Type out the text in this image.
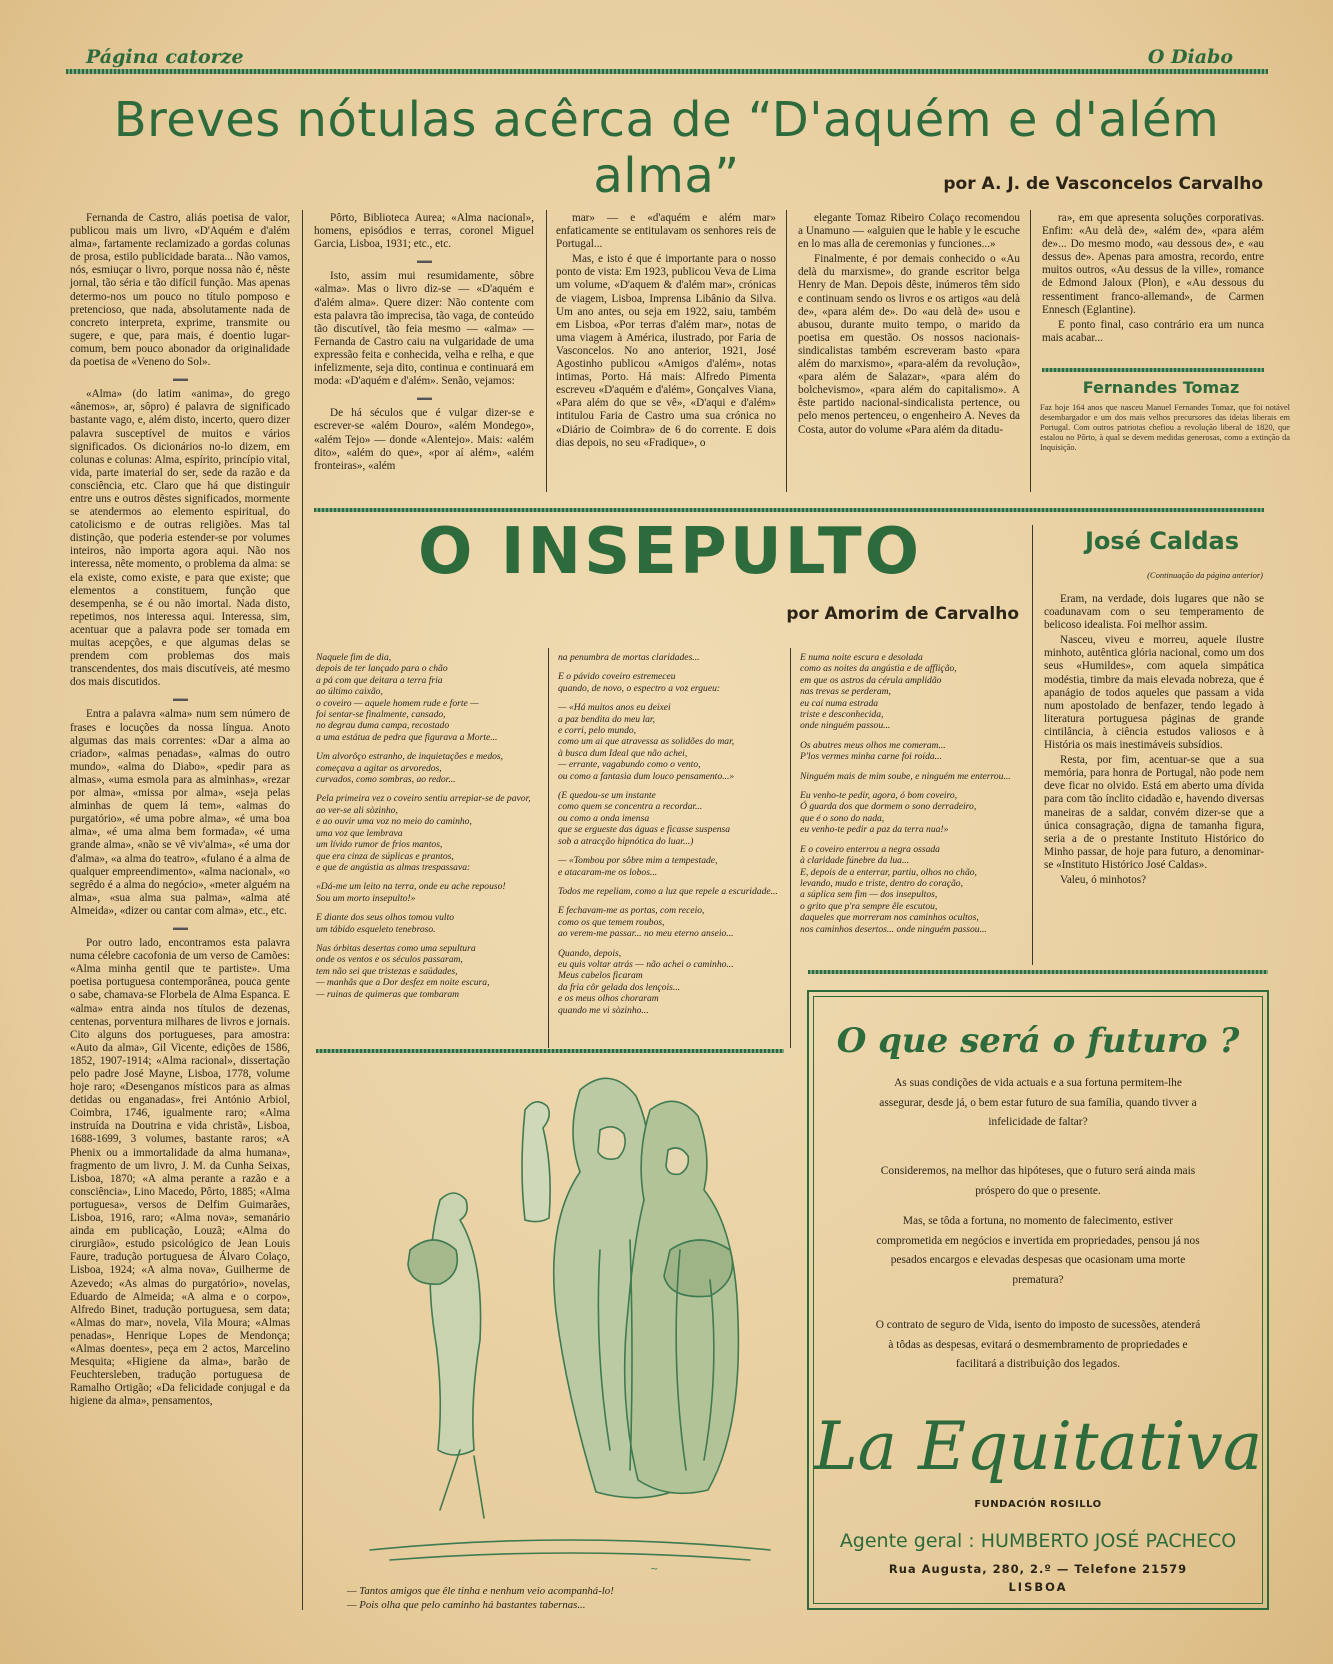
Página catorze	O Diabo
Breves nótulas acêrca de “D'aquém e d'além alma”	por A. J. de Vasconcelos Carvalho

Fernanda de Castro, aliás poetisa de valor, publicou mais um livro, «D'Aquém e d'além alma», fartamente reclamizado a gordas colunas de prosa, estilo publicidade barata... Não vamos, nós, esmiuçar o livro, porque nossa não é, nêste jornal, tão séria e tão difícil função. Mas apenas determo-nos um pouco no título pomposo e pretencioso, que nada, absolutamente nada de concreto interpreta, exprime, transmite ou sugere, e que, para mais, é doentio lugar-comum, bem pouco abonador da originalidade da poetisa de «Veneno do Sol».

▬▬

«Alma» (do latim «anima», do grego «ânemos», ar, sôpro) é palavra de significado bastante vago, e, além disto, incerto, quero dizer palavra susceptível de muitos e vários significados. Os dicionários no-lo dizem, em colunas e colunas: Alma, espírito, princípio vital, vida, parte imaterial do ser, sede da razão e da consciência, etc. Claro que há que distinguir entre uns e outros dêstes significados, mormente se atendermos ao elemento espiritual, do catolicismo e de outras religiões. Mas tal distinção, que poderia estender-se por volumes inteiros, não importa agora aqui. Não nos interessa, nête momento, o problema da alma: se ela existe, como existe, e para que existe; que elementos a constituem, função que desempenha, se é ou não imortal. Nada disto, repetimos, nos interessa aqui. Interessa, sim, acentuar que a palavra pode ser tomada em muitas acepções, e que algumas delas se prendem com problemas dos mais transcendentes, dos mais discutíveis, até mesmo dos mais discutidos.

▬▬

Entra a palavra «alma» num sem número de frases e locuções da nossa língua. Anoto algumas das mais correntes: «Dar a alma ao criador», «almas penadas», «almas do outro mundo», «alma do Diabo», «pedir para as almas», «uma esmola para as alminhas», «rezar por alma», «missa por alma», «seja pelas alminhas de quem lá tem», «almas do purgatório», «é uma pobre alma», «é uma boa alma», «é uma alma bem formada», «é uma grande alma», «não se vê viv'alma», «é uma dor d'alma», «a alma do teatro», «fulano é a alma de qualquer empreendimento», «alma nacional», «o segrêdo é a alma do negócio», «meter alguém na alma», «sua alma sua palma», «alma até Almeida», «dizer ou cantar com alma», etc., etc.

▬▬

Por outro lado, encontramos esta palavra numa célebre cacofonia de um verso de Camões: «Alma minha gentil que te partiste». Uma poetisa portuguesa contemporânea, pouca gente o sabe, chamava-se Florbela de Alma Espanca. E «alma» entra ainda nos títulos de dezenas, centenas, porventura milhares de livros e jornais. Cito alguns dos portugueses, para amostra: «Auto da alma», Gil Vicente, edições de 1586, 1852, 1907-1914; «Alma racional», dissertação pelo padre José Mayne, Lisboa, 1778, volume hoje raro; «Desenganos místicos para as almas detidas ou enganadas», frei António Arbiol, Coimbra, 1746, igualmente raro; «Alma instruída na Doutrina e vida christã», Lisboa, 1688-1699, 3 volumes, bastante raros; «A Phenix ou a immortalidade da alma humana», fragmento de um livro, J. M. da Cunha Seixas, Lisboa, 1870; «A alma perante a razão e a consciência», Lino Macedo, Pôrto, 1885; «Alma portuguesa», versos de Delfim Guimarães, Lisboa, 1916, raro; «Alma nova», semanário ainda em publicação, Louzã; «Alma do cirurgião», estudo psicológico de Jean Louis Faure, tradução portuguesa de Álvaro Colaço, Lisboa, 1924; «A alma nova», Guilherme de Azevedo; «As almas do purgatório», novelas, Eduardo de Almeida; «A alma e o corpo», Alfredo Binet, tradução portuguesa, sem data; «Almas do mar», novela, Vila Moura; «Almas penadas», Henrique Lopes de Mendonça; «Almas doentes», peça em 2 actos, Marcelino Mesquita; «Higiene da alma», barão de Feuchtersleben, tradução portuguesa de Ramalho Ortigão; «Da felicidade conjugal e da higiene da alma», pensamentos,

Pôrto, Biblioteca Aurea; «Alma nacional», homens, episódios e terras, coronel Miguel Garcia, Lisboa, 1931; etc., etc.

▬▬

Isto, assim mui resumidamente, sôbre «alma». Mas o livro diz-se — «D'aquém e d'além alma». Quere dizer: Não contente com esta palavra tão imprecisa, tão vaga, de conteúdo tão discutível, tão feia mesmo — «alma» — Fernanda de Castro caiu na vulgaridade de uma expressão feita e conhecida, velha e relha, e que infelizmente, seja dito, continua e continuará em moda: «D'aquém e d'além». Senão, vejamos:

▬▬

De há séculos que é vulgar dizer-se e escrever-se «além Douro», «além Mondego», «além Tejo» — donde «Alentejo». Mais: «além dito», «além do que», «por aí além», «além fronteiras», «além

mar» — e «d'aquém e além mar» enfaticamente se entitulavam os senhores reis de Portugal...

Mas, e isto é que é importante para o nosso ponto de vista: Em 1923, publicou Veva de Lima um volume, «D'aquem & d'além mar», crónicas de viagem, Lisboa, Imprensa Libânio da Silva. Um ano antes, ou seja em 1922, saiu, também em Lisboa, «Por terras d'além mar», notas de uma viagem à América, ilustrado, por Faria de Vasconcelos. No ano anterior, 1921, José Agostinho publicou «Amigos d'além», notas intimas, Porto. Há mais: Alfredo Pimenta escreveu «D'aquém e d'além», Gonçalves Viana, «Para além do que se vê», «D'aqui e d'além» intitulou Faria de Castro uma sua crónica no «Diário de Coimbra» de 6 do corrente. E dois dias depois, no seu «Fradique», o

elegante Tomaz Ribeiro Colaço recomendou a Unamuno — «alguien que le hable y le escuche en lo mas alla de ceremonias y funciones...»

Finalmente, é por demais conhecido o «Au delà du marxisme», do grande escritor belga Henry de Man. Depois dêste, inúmeros têm sido e continuam sendo os livros e os artigos «au delà de», «para além de». Do «au delà de» usou e abusou, durante muito tempo, o marido da poetisa em questão. Os nossos nacionais-sindicalistas também escreveram basto «para além do marxismo», «para-além da revolução», «para além de Salazar», «para além do bolchevismo», «para além do capitalismo». A êste partido nacional-sindicalista pertence, ou pelo menos pertenceu, o engenheiro A. Neves da Costa, autor do volume «Para além da ditadu-

ra», em que apresenta soluções corporativas. Enfim: «Au delà de», «além de», «para além de»... Do mesmo modo, «au dessous de», e «au dessus de». Apenas para amostra, recordo, entre muitos outros, «Au dessus de la ville», romance de Edmond Jaloux (Plon), e «Au dessous du ressentiment franco-allemand», de Carmen Ennesch (Eglantine).

E ponto final, caso contrário era um nunca mais acabar...

Fernandes Tomaz
Faz hoje 164 anos que nasceu Manuel Fernandes Tomaz, que foi notável desembargador e um dos mais velhos precursores das ideias liberais em Portugal. Com outros patriotas chefiou a revolução liberal de 1820, que estalou no Pôrto, à qual se devem medidas generosas, como a extinção da Inquisição.
O INSEPULTO
por Amorim de Carvalho

Naquele fim de dia,
depois de ter lançado para o chão
a pá com que deitara a terra fria
ao último caixão,
o coveiro — aquele homem rude e forte —
foi sentar-se finalmente, cansado,
no degrau duma campa, recostado
a uma estátua de pedra que figurava a Morte...

Um alvorôço estranho, de inquietações e medos,
começava a agitar os arvoredos,
curvados, como sombras, ao redor...

Pela primeira vez o coveiro sentiu arrepiar-se de pavor,
ao ver-se ali sòzinho,
e ao ouvir uma voz no meio do caminho,
uma voz que lembrava
um lívido rumor de frios mantos,
que era cinza de súplicas e prantos,
e que de angústia as almas trespassava:

«Dá-me um leito na terra, onde eu ache repouso!
Sou um morto insepulto!»

E diante dos seus olhos tomou vulto
um tábido esqueleto tenebroso.

Nas órbitas desertas como uma sepultura
onde os ventos e os séculos passaram,
tem não sei que tristezas e saüdades,
— manhãs que a Dor desfez em noite escura,
— ruinas de quimeras que tombaram

na penumbra de mortas claridades...

E o pávido coveiro estremeceu
quando, de novo, o espectro a voz ergueu:

— «Há muitos anos eu deixei
a paz bendita do meu lar,
e corri, pelo mundo,
como um ai que atravessa as solidões do mar,
à busca dum Ideal que não achei,
— errante, vagabundo como o vento,
ou como a fantasia dum louco pensamento...»

(E quedou-se um instante
como quem se concentra a recordar...
ou como a onda imensa
que se ergueste das águas e ficasse suspensa
sob a atracção hipnótica do luar...)

— «Tombou por sôbre mim a tempestade,
e atacaram-me os lobos...

Todos me repeliam, como a luz que repele a escuridade...

E fechavam-me as portas, com receio,
como os que temem roubos,
ao verem-me passar... no meu eterno anseio...

Quando, depois,
eu quis voltar atrás — não achei o caminho...
Meus cabelos ficaram
da fria côr gelada dos lençois...
e os meus olhos choraram
quando me vi sòzinho...

E numa noite escura e desolada
como as noites da angústia e de afflição,
em que os astros da cérula amplidão
nas trevas se perderam,
eu caí numa estrada
triste e desconhecida,
onde ninguém passou...

Os abutres meus olhos me comeram...
P'los vermes minha carne foi roída...

Ninguém mais de mim soube, e ninguém me enterrou...

Eu venho-te pedir, agora, ó bom coveiro,
Ó guarda dos que dormem o sono derradeiro,
que é o sono do nada,
eu venho-te pedir a paz da terra nua!»

E o coveiro enterrou a negra ossada
à claridade fúnebre da lua...
E, depois de a enterrar, partiu, olhos no chão,
levando, mudo e triste, dentro do coração,
a súplica sem fim — dos insepultos,
o grito que p'ra sempre êle escutou,
daqueles que morreram nos caminhos ocultos,
nos caminhos desertos... onde ninguém passou...

~
— Tantos amigos que êle tinha e nenhum veio acompanhá-lo!
— Pois olha que pelo caminho há bastantes tabernas...
José Caldas
(Continuação da página anterior)

Eram, na verdade, dois lugares que não se coadunavam com o seu temperamento de belicoso idealista. Foi melhor assim.

Nasceu, viveu e morreu, aquele ilustre minhoto, autêntica glória nacional, como um dos seus «Humildes», com aquela simpática modéstia, timbre da mais elevada nobreza, que é apanágio de todos aqueles que passam a vida num apostolado de benfazer, tendo legado à literatura portuguesa páginas de grande cintilância, à ciência estudos valiosos e à História os mais inestimáveis subsídios.

Resta, por fim, acentuar-se que a sua memória, para honra de Portugal, não pode nem deve ficar no olvido. Está em aberto uma dívida para com tão ínclito cidadão e, havendo diversas maneiras de a saldar, convém dizer-se que a única consagração, digna de tamanha figura, seria a de o prestante Instituto Histórico do Minho passar, de hoje para futuro, a denominar-se «Instituto Histórico José Caldas».

Valeu, ó minhotos?

O que será o futuro ?
As suas condições de vida actuais e a sua fortuna permitem-lhe assegurar, desde já, o bem estar futuro de sua família, quando tivver a infelicidade de faltar?
Consideremos, na melhor das hipóteses, que o futuro será ainda mais próspero do que o presente.
Mas, se tôda a fortuna, no momento de falecimento, estiver comprometida em negócios e invertida em propriedades, pensou já nos pesados encargos e elevadas despesas que ocasionam uma morte prematura?
O contrato de seguro de Vida, isento do imposto de sucessões, atenderá à tôdas as despesas, evitará o desmembramento de propriedades e facilitará a distribuição dos legados.
La Equitativa
FUNDACIÓN ROSILLO
Agente geral : HUMBERTO JOSÉ PACHECO
Rua Augusta, 280, 2.º — Telefone 21579
LISBOA
